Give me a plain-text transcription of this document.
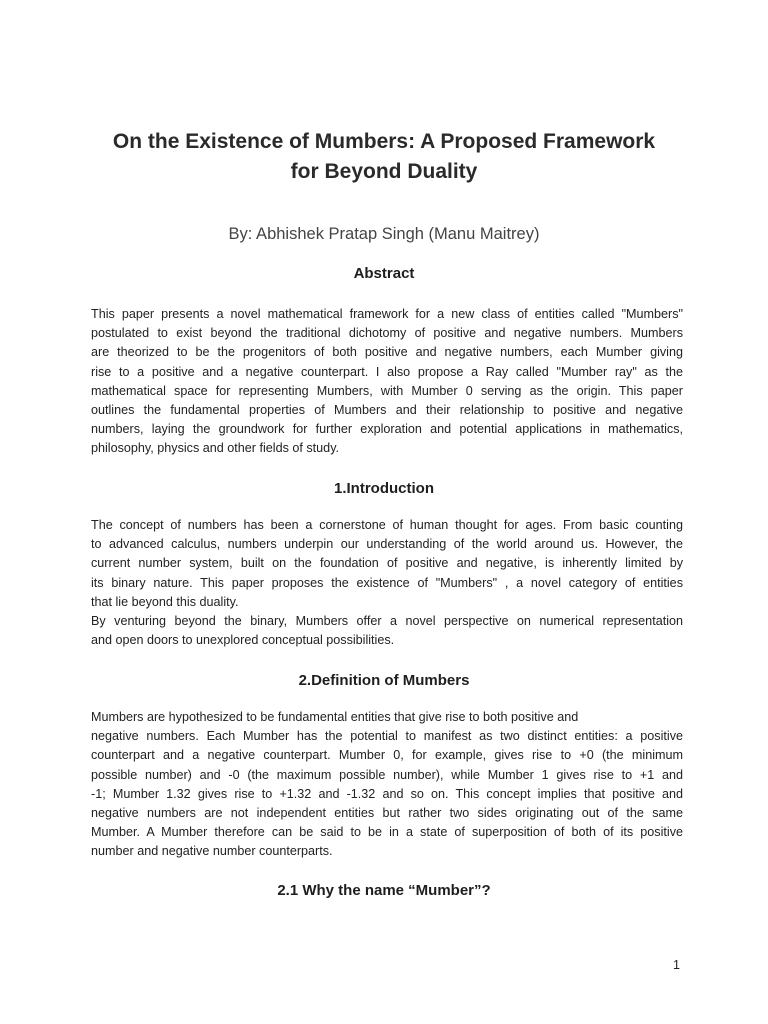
On the Existence of Mumbers: A Proposed Framework
for Beyond Duality

By: Abhishek Pratap Singh (Manu Maitrey)

Abstract
This paper presents a novel mathematical framework for a new class of entities called "Mumbers"
postulated to exist beyond the traditional dichotomy of positive and negative numbers. Mumbers
are theorized to be the progenitors of both positive and negative numbers, each Mumber giving
rise to a positive and a negative counterpart. I also propose a Ray called "Mumber ray" as the
mathematical space for representing Mumbers, with Mumber 0 serving as the origin. This paper
outlines the fundamental properties of Mumbers and their relationship to positive and negative
numbers, laying the groundwork for further exploration and potential applications in mathematics,
philosophy, physics and other fields of study.
1.Introduction
The concept of numbers has been a cornerstone of human thought for ages. From basic counting
to advanced calculus, numbers underpin our understanding of the world around us. However, the
current number system, built on the foundation of positive and negative, is inherently limited by
its binary nature. This paper proposes the existence of "Mumbers" , a novel category of entities
that lie beyond this duality.
By venturing beyond the binary, Mumbers offer a novel perspective on numerical representation
and open doors to unexplored conceptual possibilities.
2.Definition of Mumbers
Mumbers are hypothesized to be fundamental entities that give rise to both positive and
negative numbers. Each Mumber has the potential to manifest as two distinct entities: a positive
counterpart and a negative counterpart. Mumber 0, for example, gives rise to +0 (the minimum
possible number) and -0 (the maximum possible number), while Mumber 1 gives rise to +1 and
-1; Mumber 1.32 gives rise to +1.32 and -1.32 and so on. This concept implies that positive and
negative numbers are not independent entities but rather two sides originating out of the same
Mumber. A Mumber therefore can be said to be in a state of superposition of both of its positive
number and negative number counterparts.
2.1 Why the name “Mumber”?
1
